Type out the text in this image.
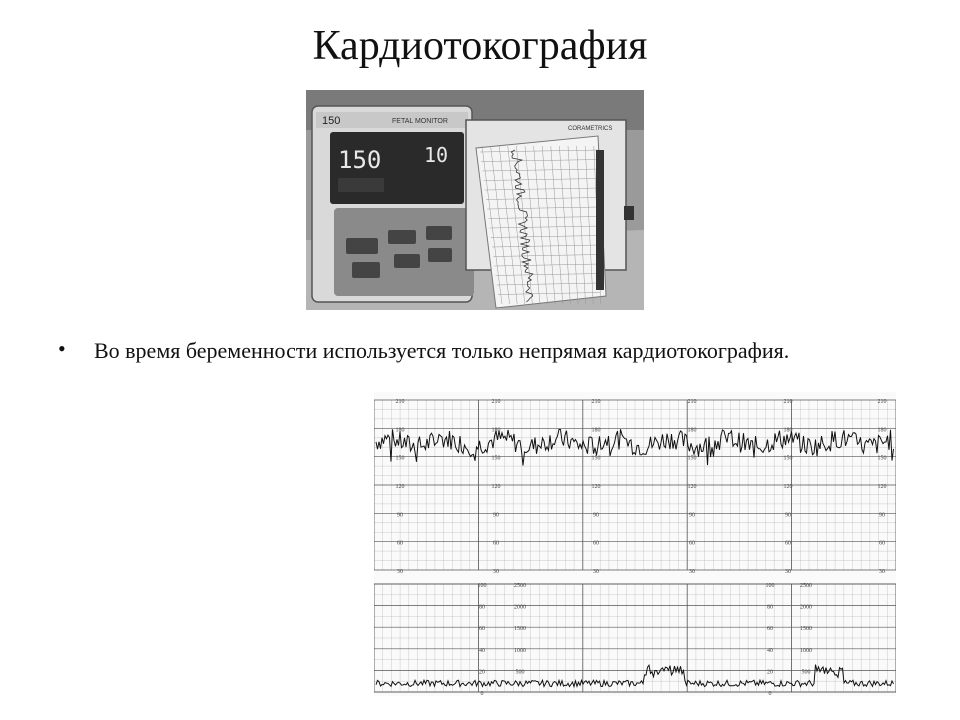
Кардиотокография
150	FETAL MONITOR
150 10
CORAMETRICS
• Во время беременности используется только непрямая кардиотокография.
210
180
150
120
90
60
30
210
180
150
120
90
60
30
210
180
150
120
90
60
30
210
180
150
120
90
60
30
210
180
150
120
90
60
30
210
180
150
120
90
60
30
100
80
60
40
20
0
100
80
60
40
20
0
2500
2000
1500
1000
500
2500
2000
1500
1000
500
